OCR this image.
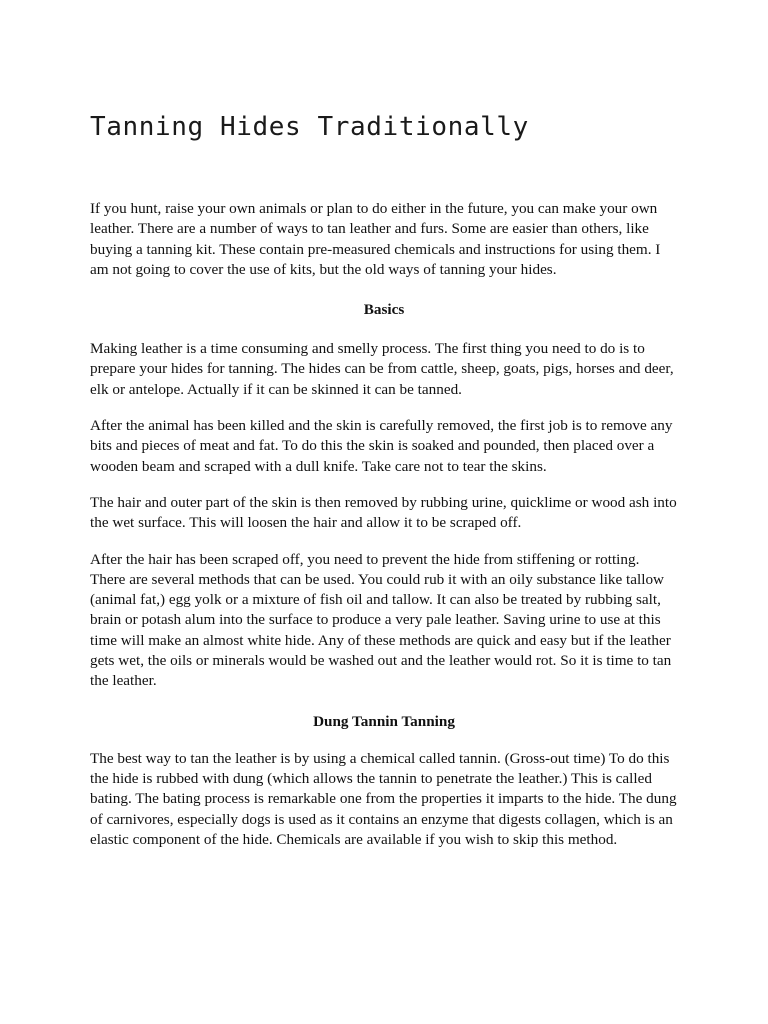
Tanning Hides Traditionally

If you hunt, raise your own animals or plan to do either in the future, you can make your own leather. There are a number of ways to tan leather and furs. Some are easier than others, like buying a tanning kit. These contain pre-measured chemicals and instructions for using them. I am not going to cover the use of kits, but the old ways of tanning your hides.

Basics

Making leather is a time consuming and smelly process. The first thing you need to do is to prepare your hides for tanning. The hides can be from cattle, sheep, goats, pigs, horses and deer, elk or antelope. Actually if it can be skinned it can be tanned.

After the animal has been killed and the skin is carefully removed, the first job is to remove any bits and pieces of meat and fat. To do this the skin is soaked and pounded, then placed over a wooden beam and scraped with a dull knife. Take care not to tear the skins.

The hair and outer part of the skin is then removed by rubbing urine, quicklime or wood ash into the wet surface. This will loosen the hair and allow it to be scraped off.

After the hair has been scraped off, you need to prevent the hide from stiffening or rotting. There are several methods that can be used. You could rub it with an oily substance like tallow (animal fat,) egg yolk or a mixture of fish oil and tallow. It can also be treated by rubbing salt, brain or potash alum into the surface to produce a very pale leather. Saving urine to use at this time will make an almost white hide. Any of these methods are quick and easy but if the leather gets wet, the oils or minerals would be washed out and the leather would rot. So it is time to tan the leather.

Dung Tannin Tanning

The best way to tan the leather is by using a chemical called tannin. (Gross-out time) To do this the hide is rubbed with dung (which allows the tannin to penetrate the leather.) This is called bating. The bating process is remarkable one from the properties it imparts to the hide. The dung of carnivores, especially dogs is used as it contains an enzyme that digests collagen, which is an elastic component of the hide. Chemicals are available if you wish to skip this method.
